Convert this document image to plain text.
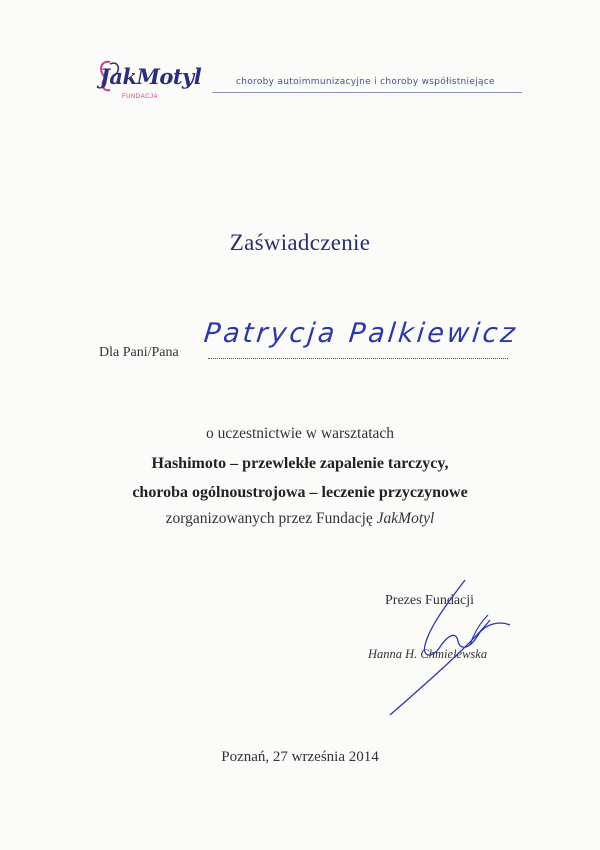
JakMotyl
FUNDACJA
choroby autoimmunizacyjne i choroby współistniejące
Zaświadczenie
Dla Pani/Pana
Patrycja Palkiewicz
o uczestnictwie w warsztatach
Hashimoto – przewlekłe zapalenie tarczycy,
choroba ogólnoustrojowa – leczenie przyczynowe
zorganizowanych przez Fundację JakMotyl
Prezes Fundacji
Hanna H. Chmielewska
Poznań, 27 września 2014
